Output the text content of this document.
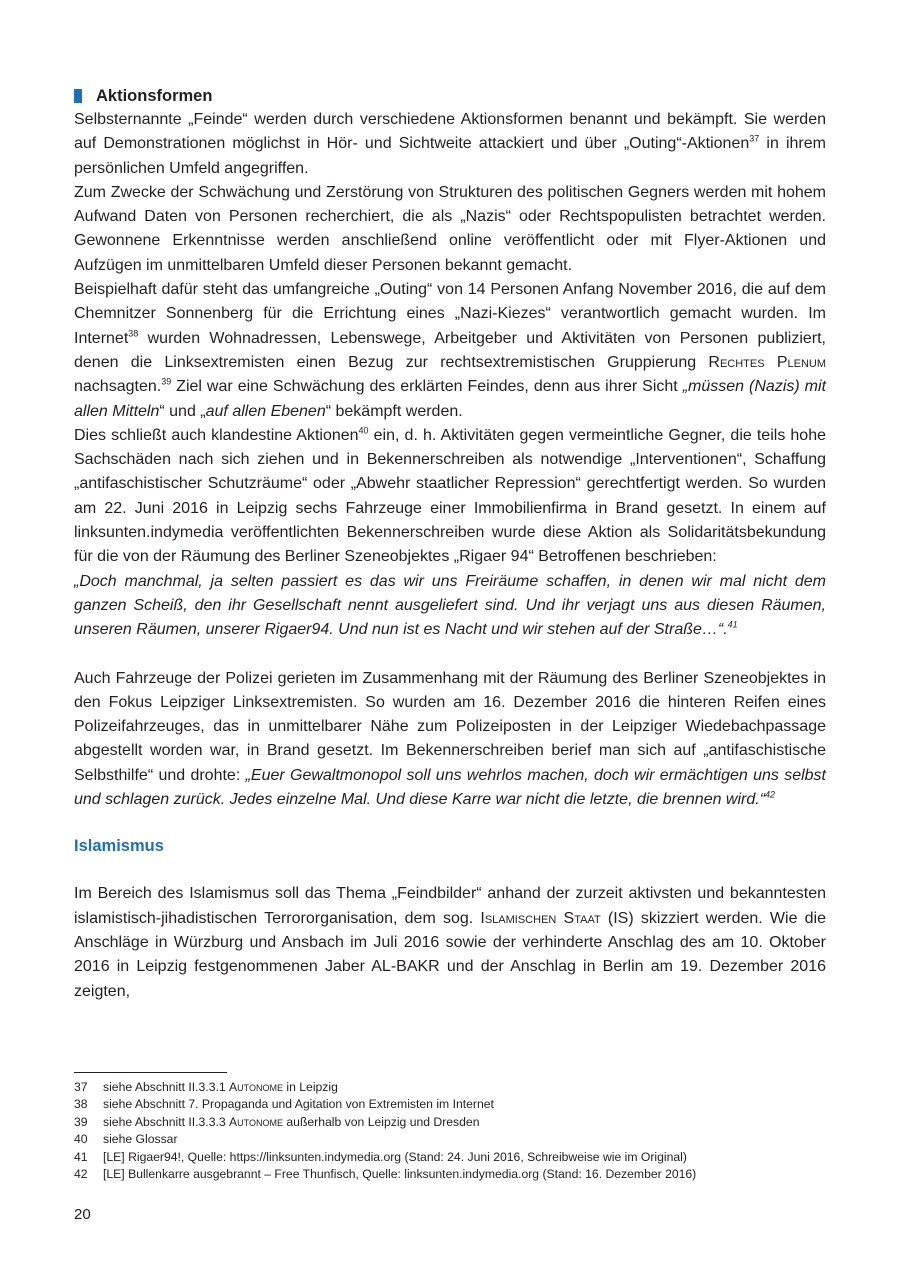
Aktionsformen

Selbsternannte „Feinde“ werden durch verschiedene Aktionsformen benannt und bekämpft. Sie werden auf Demonstrationen möglichst in Hör- und Sichtweite attackiert und über „Outing“-Aktionen$^{37}$ in ihrem persönlichen Umfeld angegriffen.

Zum Zwecke der Schwächung und Zerstörung von Strukturen des politischen Gegners werden mit hohem Aufwand Daten von Personen recherchiert, die als „Nazis“ oder Rechtspopulisten betrachtet werden. Gewonnene Erkenntnisse werden anschließend online veröffentlicht oder mit Flyer-Aktionen und Aufzügen im unmittelbaren Umfeld dieser Personen bekannt gemacht.

Beispielhaft dafür steht das umfangreiche „Outing“ von 14 Personen Anfang November 2016, die auf dem Chemnitzer Sonnenberg für die Errichtung eines „Nazi-Kiezes“ verantwortlich gemacht wurden. Im Internet$^{38}$ wurden Wohnadressen, Lebenswege, Arbeitgeber und Aktivitäten von Personen publiziert, denen die Linksextremisten einen Bezug zur rechtsextremistischen Gruppierung Rechtes Plenum nachsagten.$^{39}$ Ziel war eine Schwächung des erklärten Feindes, denn aus ihrer Sicht „müssen (Nazis) mit allen Mitteln“ und „auf allen Ebenen“ bekämpft werden.

Dies schließt auch klandestine Aktionen$^{40}$ ein, d. h. Aktivitäten gegen vermeintliche Gegner, die teils hohe Sachschäden nach sich ziehen und in Bekennerschreiben als notwendige „Interventionen“, Schaffung „antifaschistischer Schutzräume“ oder „Abwehr staatlicher Repression“ gerechtfertigt werden. So wurden am 22. Juni 2016 in Leipzig sechs Fahrzeuge einer Immobilienfirma in Brand gesetzt. In einem auf linksunten.indymedia veröffentlichten Bekennerschreiben wurde diese Aktion als Solidaritätsbekundung für die von der Räumung des Berliner Szeneobjektes „Rigaer 94“ Betroffenen beschrieben:

„Doch manchmal, ja selten passiert es das wir uns Freiräume schaffen, in denen wir mal nicht dem ganzen Scheiß, den ihr Gesellschaft nennt ausgeliefert sind. Und ihr verjagt uns aus diesen Räumen, unseren Räumen, unserer Rigaer94. Und nun ist es Nacht und wir stehen auf der Straße…“.$^{41}$

Auch Fahrzeuge der Polizei gerieten im Zusammenhang mit der Räumung des Berliner Szeneobjektes in den Fokus Leipziger Linksextremisten. So wurden am 16. Dezember 2016 die hinteren Reifen eines Polizeifahrzeuges, das in unmittelbarer Nähe zum Polizeiposten in der Leipziger Wiedebachpassage abgestellt worden war, in Brand gesetzt. Im Bekennerschreiben berief man sich auf „antifaschistische Selbsthilfe“ und drohte: „Euer Gewaltmonopol soll uns wehrlos machen, doch wir ermächtigen uns selbst und schlagen zurück. Jedes einzelne Mal. Und diese Karre war nicht die letzte, die brennen wird.“$^{42}$

Islamismus

Im Bereich des Islamismus soll das Thema „Feindbilder“ anhand der zurzeit aktivsten und bekanntesten islamistisch-jihadistischen Terrororganisation, dem sog. Islamischen Staat (IS) skizziert werden. Wie die Anschläge in Würzburg und Ansbach im Juli 2016 sowie der verhinderte Anschlag des am 10. Oktober 2016 in Leipzig festgenommenen Jaber AL-BAKR und der Anschlag in Berlin am 19. Dezember 2016 zeigten,

37	siehe Abschnitt II.3.3.1 Autonome in Leipzig
38	siehe Abschnitt 7. Propaganda und Agitation von Extremisten im Internet
39	siehe Abschnitt II.3.3.3 Autonome außerhalb von Leipzig und Dresden
40	siehe Glossar
41	[LE] Rigaer94!, Quelle: https://linksunten.indymedia.org (Stand: 24. Juni 2016, Schreibweise wie im Original)
42	[LE] Bullenkarre ausgebrannt – Free Thunfisch, Quelle: linksunten.indymedia.org (Stand: 16. Dezember 2016)
20
